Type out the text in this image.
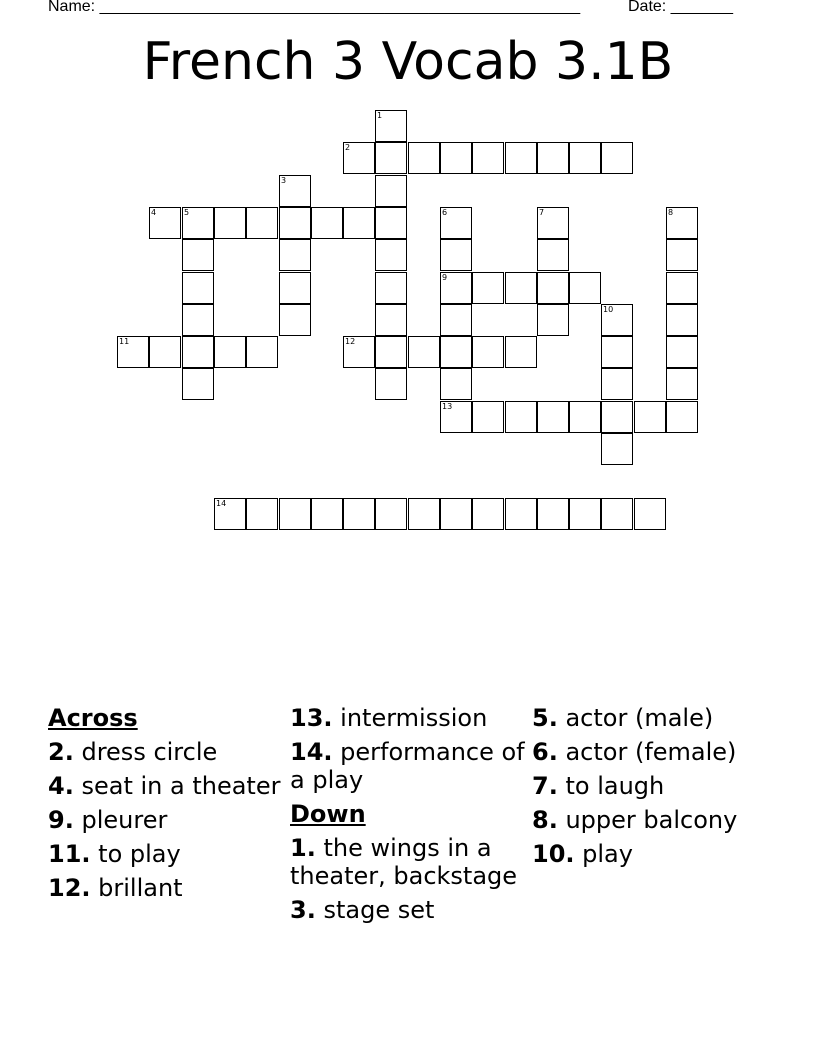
Name: ______________________________________________________	Date: _______
French 3 Vocab 3.1B
1
2
3
4	5	6
9
13
7	8
10
11	12
14
Across
2. dress circle
4. seat in a theater
9. pleurer
11. to play
12. brillant
13. intermission
14. performance of a play
Down
1. the wings in a theater, backstage
3. stage set
5. actor (male)
6. actor (female)
7. to laugh
8. upper balcony
10. play
